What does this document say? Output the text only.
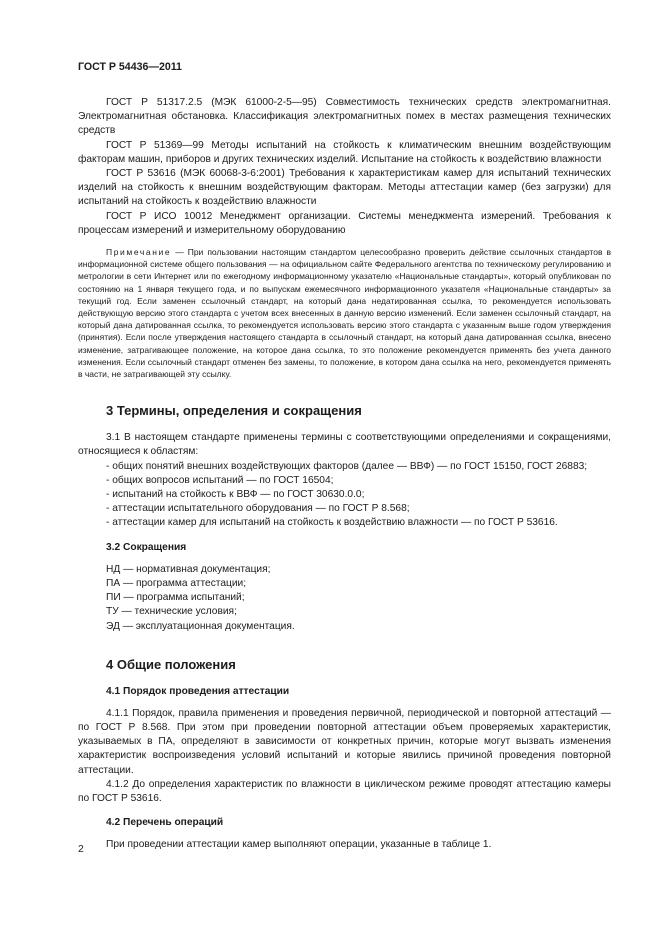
ГОСТ Р 54436—2011

ГОСТ Р 51317.2.5 (МЭК 61000-2-5—95) Совместимость технических средств электромагнитная. Электромагнитная обстановка. Классификация электромагнитных помех в местах размещения технических средств

ГОСТ Р 51369—99 Методы испытаний на стойкость к климатическим внешним воздействующим факторам машин, приборов и других технических изделий. Испытание на стойкость к воздействию влажности

ГОСТ Р 53616 (МЭК 60068-3-6:2001) Требования к характеристикам камер для испытаний технических изделий на стойкость к внешним воздействующим факторам. Методы аттестации камер (без загрузки) для испытаний на стойкость к воздействию влажности

ГОСТ Р ИСО 10012 Менеджмент организации. Системы менеджмента измерений. Требования к процессам измерений и измерительному оборудованию

Примечание — При пользовании настоящим стандартом целесообразно проверить действие ссылочных стандартов в информационной системе общего пользования — на официальном сайте Федерального агентства по техническому регулированию и метрологии в сети Интернет или по ежегодному информационному указателю «Национальные стандарты», который опубликован по состоянию на 1 января текущего года, и по выпускам ежемесячного информационного указателя «Национальные стандарты» за текущий год. Если заменен ссылочный стандарт, на который дана недатированная ссылка, то рекомендуется использовать действующую версию этого стандарта с учетом всех внесенных в данную версию изменений. Если заменен ссылочный стандарт, на который дана датированная ссылка, то рекомендуется использовать версию этого стандарта с указанным выше годом утверждения (принятия). Если после утверждения настоящего стандарта в ссылочный стандарт, на который дана датированная ссылка, внесено изменение, затрагивающее положение, на которое дана ссылка, то это положение рекомендуется применять без учета данного изменения. Если ссылочный стандарт отменен без замены, то положение, в котором дана ссылка на него, рекомендуется применять в части, не затрагивающей эту ссылку.

3 Термины, определения и сокращения

3.1 В настоящем стандарте применены термины с соответствующими определениями и сокращениями, относящиеся к областям:

- общих понятий внешних воздействующих факторов (далее — ВВФ) — по ГОСТ 15150, ГОСТ 26883;

- общих вопросов испытаний — по ГОСТ 16504;

- испытаний на стойкость к ВВФ — по ГОСТ 30630.0.0;

- аттестации испытательного оборудования — по ГОСТ Р 8.568;

- аттестации камер для испытаний на стойкость к воздействию влажности — по ГОСТ Р 53616.

3.2 Сокращения

НД — нормативная документация;

ПА — программа аттестации;

ПИ — программа испытаний;

ТУ — технические условия;

ЭД — эксплуатационная документация.

4 Общие положения
4.1 Порядок проведения аттестации

4.1.1 Порядок, правила применения и проведения первичной, периодической и повторной аттестаций — по ГОСТ Р 8.568. При этом при проведении повторной аттестации объем проверяемых характеристик, указываемых в ПА, определяют в зависимости от конкретных причин, которые могут вызвать изменения характеристик воспроизведения условий испытаний и которые явились причиной проведения повторной аттестации.

4.1.2 До определения характеристик по влажности в циклическом режиме проводят аттестацию камеры по ГОСТ Р 53616.

4.2 Перечень операций

При проведении аттестации камер выполняют операции, указанные в таблице 1.

2
